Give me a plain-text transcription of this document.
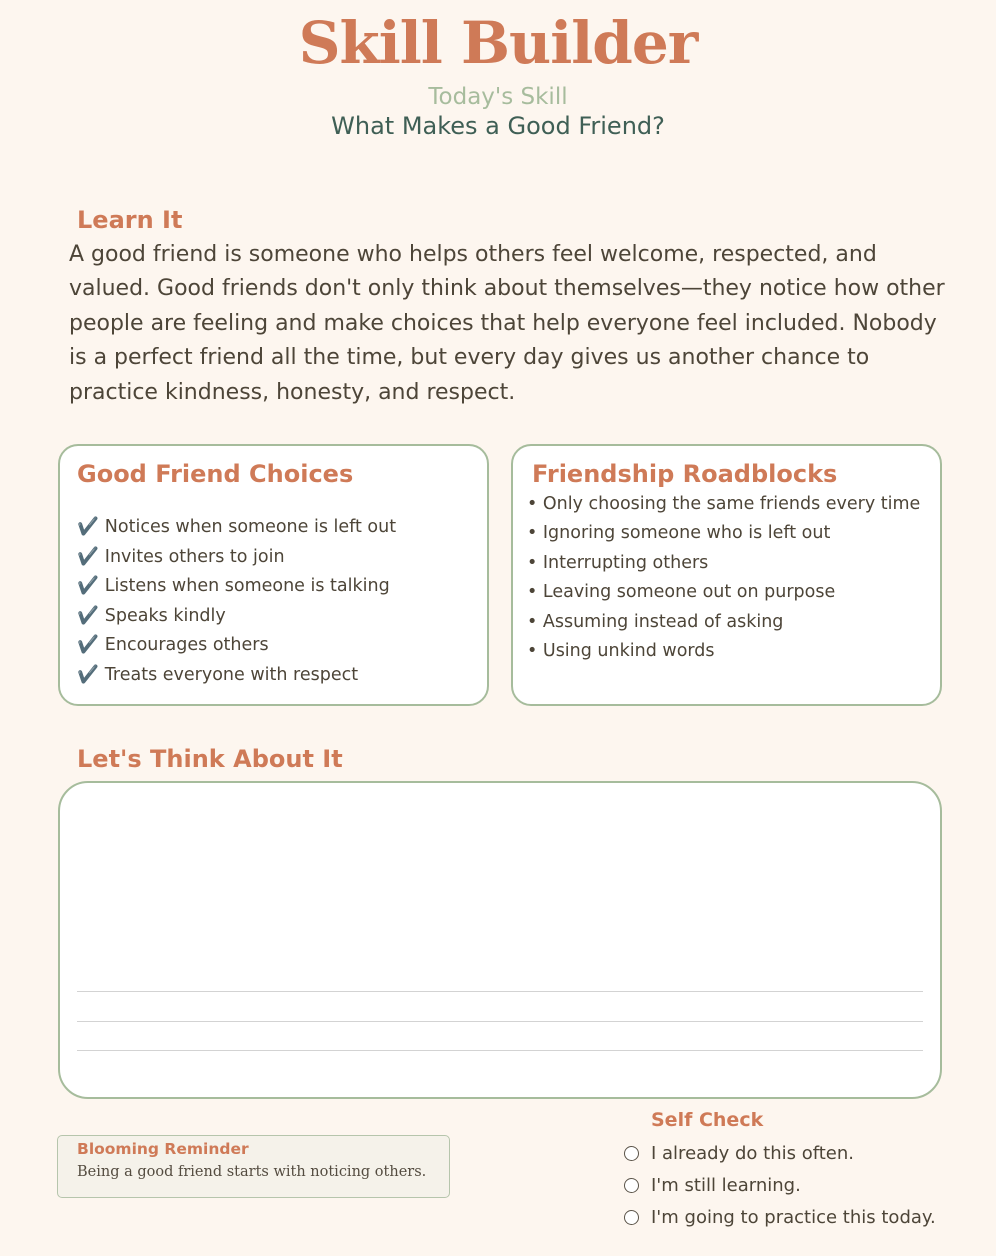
Skill Builder
Today's Skill
What Makes a Good Friend?
Learn It
A good friend is someone who helps others feel welcome, respected, and valued. Good friends don't only think about themselves—they notice how other people are feeling and make choices that help everyone feel included. Nobody is a perfect friend all the time, but every day gives us another chance to practice kindness, honesty, and respect.
Good Friend Choices
✔️ Notices when someone is left out
✔️ Invites others to join
✔️ Listens when someone is talking
✔️ Speaks kindly
✔️ Encourages others
✔️ Treats everyone with respect
Friendship Roadblocks
• Only choosing the same friends every time
• Ignoring someone who is left out
• Interrupting others
• Leaving someone out on purpose
• Assuming instead of asking
• Using unkind words
Let's Think About It
Blooming Reminder
Being a good friend starts with noticing others.
Self Check
I already do this often.
I'm still learning.
I'm going to practice this today.
